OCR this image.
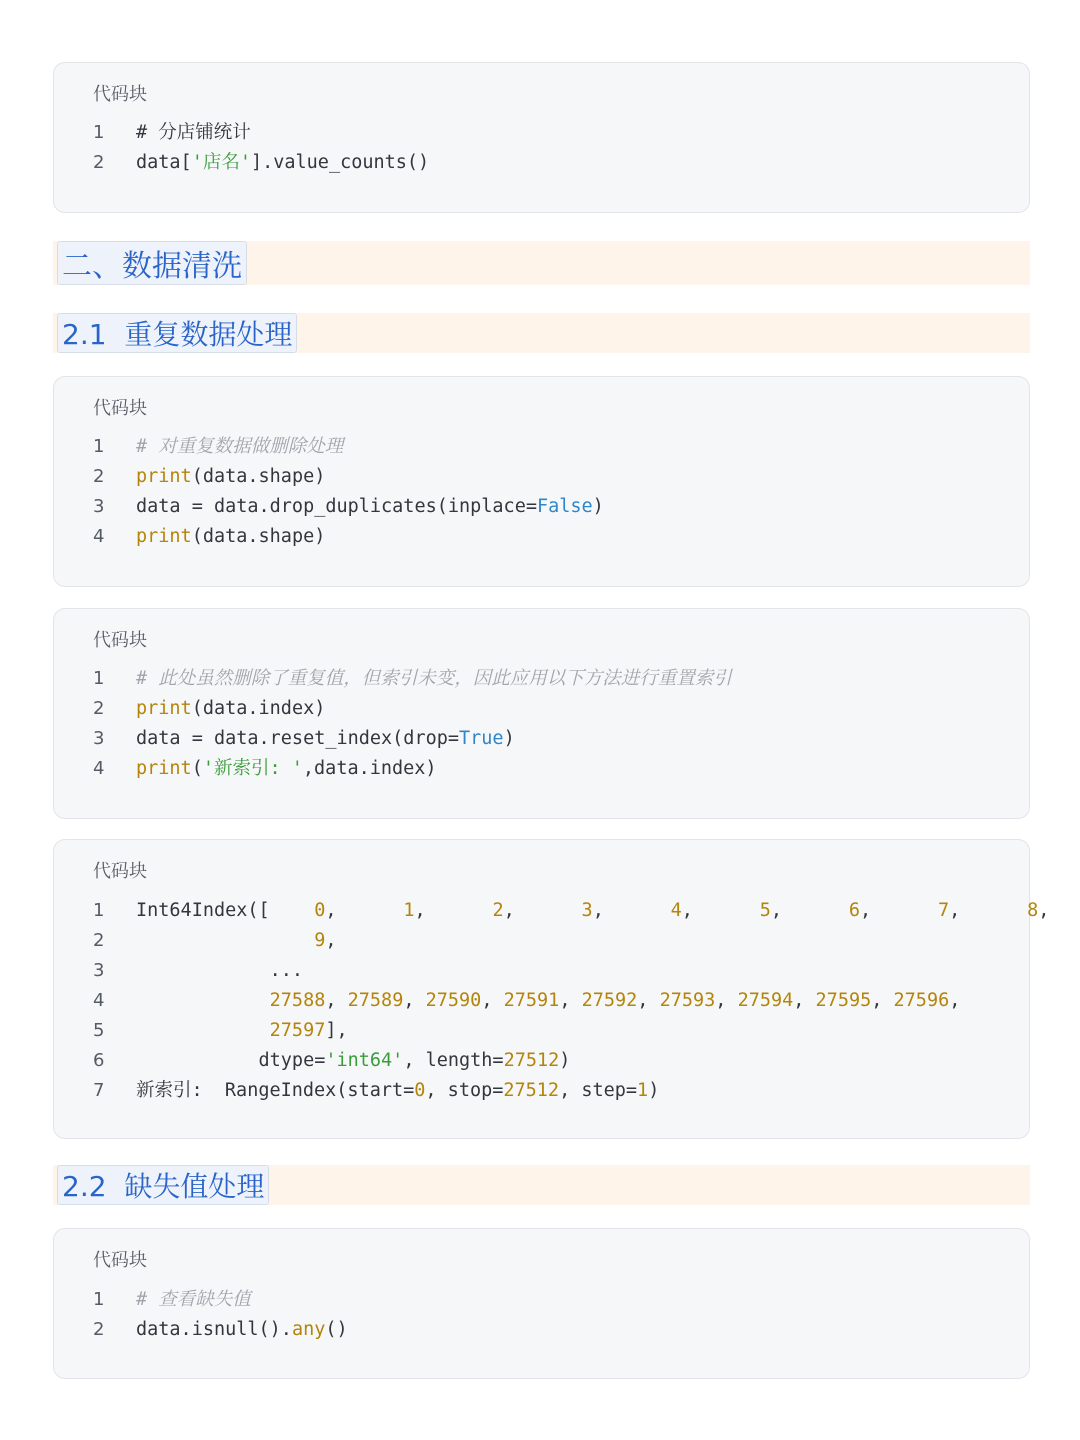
代码块
1	# 分店铺统计
2	data['店名'].value_counts()
二、数据清洗
2.1  重复数据处理
代码块
1	# 对重复数据做删除处理
2	print(data.shape)
3	data = data.drop_duplicates(inplace=False)
4	print(data.shape)
代码块
1	# 此处虽然删除了重复值，但索引未变，因此应用以下方法进行重置索引
2	print(data.index)
3	data = data.reset_index(drop=True)
4	print('新索引: ',data.index)
代码块
1	Int64Index([    0,      1,      2,      3,      4,      5,      6,      7,      8,
2	9,
3	...
4	27588, 27589, 27590, 27591, 27592, 27593, 27594, 27595, 27596,
5	27597],
6	dtype='int64', length=27512)
7	新索引:  RangeIndex(start=0, stop=27512, step=1)
2.2  缺失值处理
代码块
1	# 查看缺失值
2	data.isnull().any()
